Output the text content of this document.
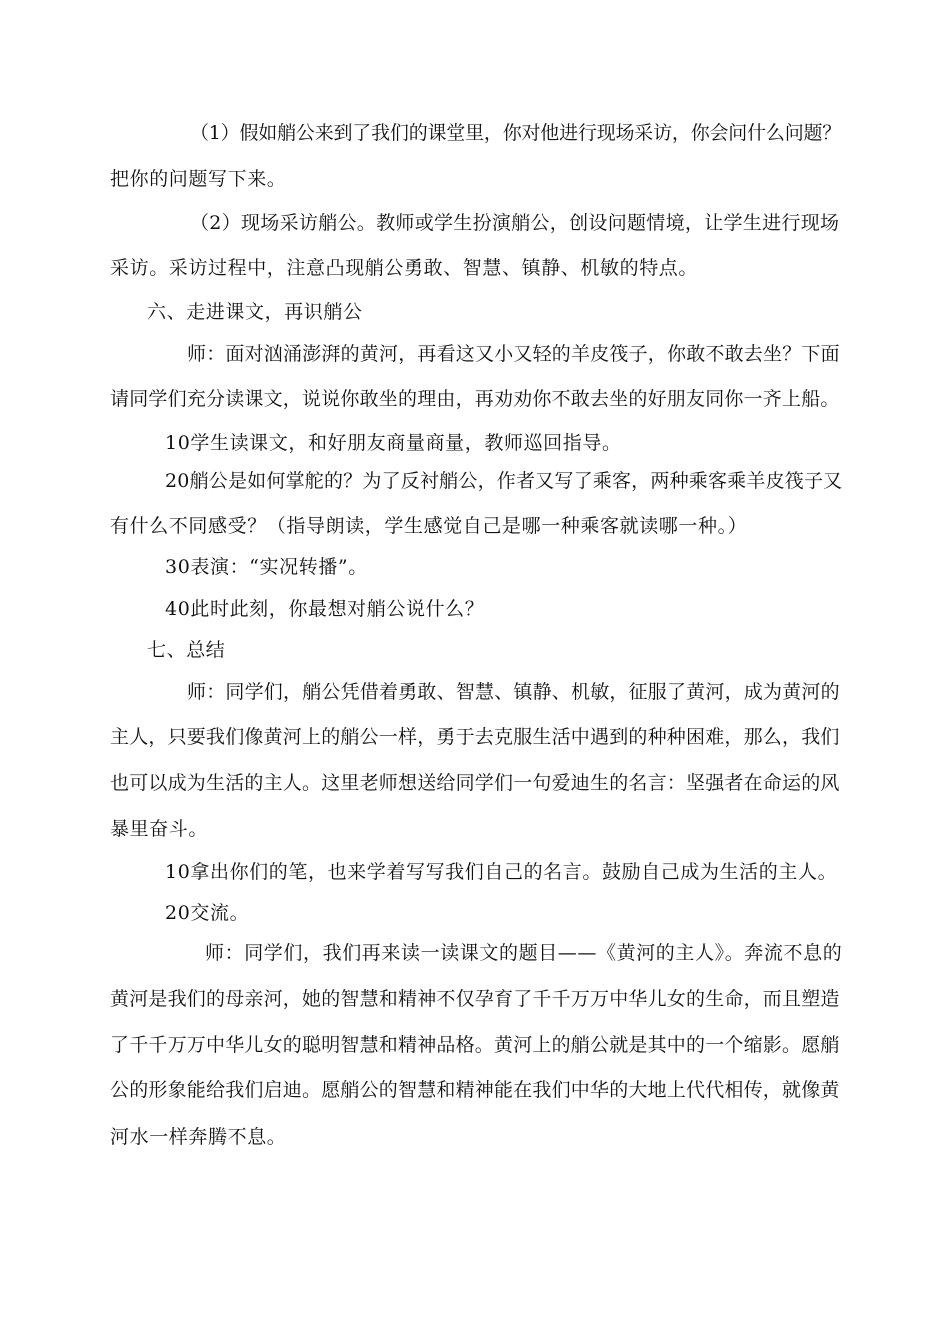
（1）假如艄公来到了我们的课堂里，你对他进行现场采访，你会问什么问题？
把你的问题写下来。
（2）现场采访艄公。教师或学生扮演艄公，创设问题情境，让学生进行现场
采访。采访过程中，注意凸现艄公勇敢、智慧、镇静、机敏的特点。
六、走进课文，再识艄公
师：面对汹涌澎湃的黄河，再看这又小又轻的羊皮筏子，你敢不敢去坐？下面
请同学们充分读课文，说说你敢坐的理由，再劝劝你不敢去坐的好朋友同你一齐上船。
10学生读课文，和好朋友商量商量，教师巡回指导。
20艄公是如何掌舵的？为了反衬艄公，作者又写了乘客，两种乘客乘羊皮筏子又
有什么不同感受？（指导朗读，学生感觉自己是哪一种乘客就读哪一种。）
30表演：“实况转播”。
40此时此刻，你最想对艄公说什么？
七、总结
师：同学们，艄公凭借着勇敢、智慧、镇静、机敏，征服了黄河，成为黄河的
主人，只要我们像黄河上的艄公一样，勇于去克服生活中遇到的种种困难，那么，我们
也可以成为生活的主人。这里老师想送给同学们一句爱迪生的名言：坚强者在命运的风
暴里奋斗。
10拿出你们的笔，也来学着写写我们自己的名言。鼓励自己成为生活的主人。
20交流。
师：同学们，我们再来读一读课文的题目——《黄河的主人》。奔流不息的
黄河是我们的母亲河，她的智慧和精神不仅孕育了千千万万中华儿女的生命，而且塑造
了千千万万中华儿女的聪明智慧和精神品格。黄河上的艄公就是其中的一个缩影。愿艄
公的形象能给我们启迪。愿艄公的智慧和精神能在我们中华的大地上代代相传，就像黄
河水一样奔腾不息。
